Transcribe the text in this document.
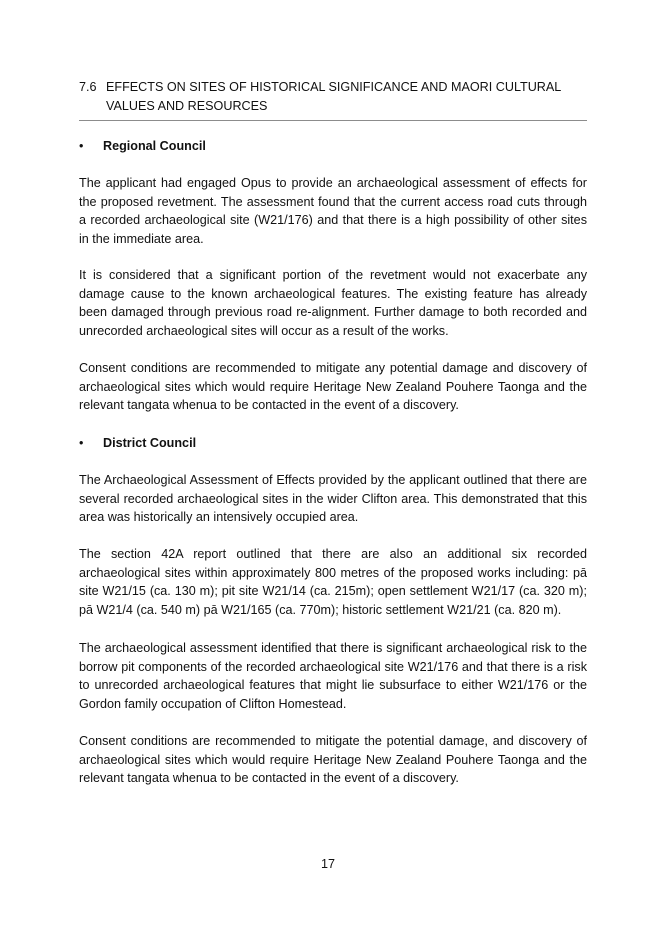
7.6 EFFECTS ON SITES OF HISTORICAL SIGNIFICANCE AND MAORI CULTURAL VALUES AND RESOURCES
• Regional Council

The applicant had engaged Opus to provide an archaeological assessment of effects for the proposed revetment. The assessment found that the current access road cuts through a recorded archaeological site (W21/176) and that there is a high possibility of other sites in the immediate area.

It is considered that a significant portion of the revetment would not exacerbate any damage cause to the known archaeological features. The existing feature has already been damaged through previous road re-alignment. Further damage to both recorded and unrecorded archaeological sites will occur as a result of the works.

Consent conditions are recommended to mitigate any potential damage and discovery of archaeological sites which would require Heritage New Zealand Pouhere Taonga and the relevant tangata whenua to be contacted in the event of a discovery.

• District Council

The Archaeological Assessment of Effects provided by the applicant outlined that there are several recorded archaeological sites in the wider Clifton area. This demonstrated that this area was historically an intensively occupied area.

The section 42A report outlined that there are also an additional six recorded archaeological sites within approximately 800 metres of the proposed works including: pā site W21/15 (ca. 130 m); pit site W21/14 (ca. 215m); open settlement W21/17 (ca. 320 m); pā W21/4 (ca. 540 m) pā W21/165 (ca. 770m); historic settlement W21/21 (ca. 820 m).

The archaeological assessment identified that there is significant archaeological risk to the borrow pit components of the recorded archaeological site W21/176 and that there is a risk to unrecorded archaeological features that might lie subsurface to either W21/176 or the Gordon family occupation of Clifton Homestead.

Consent conditions are recommended to mitigate the potential damage, and discovery of archaeological sites which would require Heritage New Zealand Pouhere Taonga and the relevant tangata whenua to be contacted in the event of a discovery.

17
